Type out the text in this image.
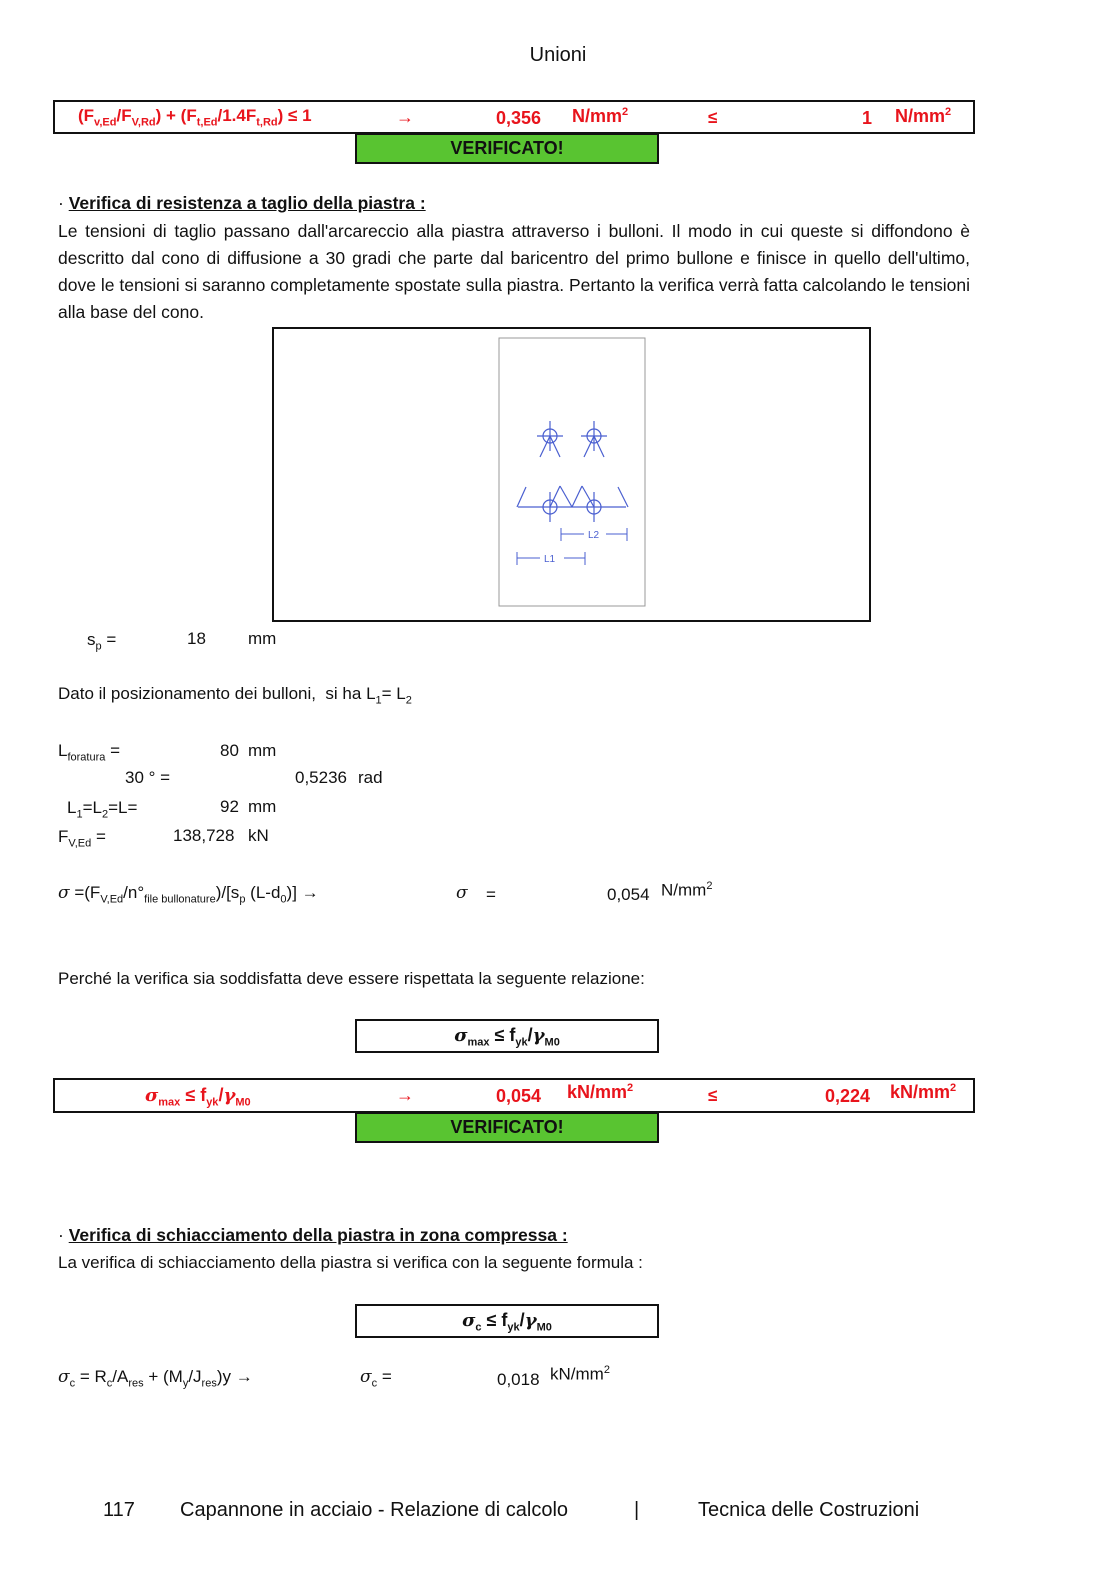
Unioni
$(F_{v,Ed}/F_{V,Rd}) + (F_{t,Ed}/1.4F_{t,Rd}) \le 1$	→	0,356 $N/mm^2$	≤	1 $N/mm^2$
VERIFICATO!
· Verifica di resistenza a taglio della piastra :
Le tensioni di taglio passano dall'arcareccio alla piastra attraverso i bulloni. Il modo in cui queste si diffondono è descritto dal cono di diffusione a 30 gradi che parte dal baricentro del primo bullone e finisce in quello dell'ultimo, dove le tensioni si saranno completamente spostate sulla piastra. Pertanto la verifica verrà fatta calcolando le tensioni alla base del cono.
L2
L1
$s_p$ =	18 mm
Dato il posizionamento dei bulloni,  si ha $L_1= L_2$
$L_{foratura}$ =	80 mm
30 ° =	0,5236 rad
$L_1=L_2=L=$	92 mm
$F_{V,Ed}$ =	138,728 kN
$\sigma =(F_{V,Ed}/n^\circ_{file bullonature})/[s_p$ $(L-d_0)$] →	σ =	0,054 $N/mm^2$
Perché la verifica sia soddisfatta deve essere rispettata la seguente relazione:
$\sigma_{max} \le f_{yk}/\gamma_{M0}$
$\sigma_{max} \le f_{yk}/\gamma_{M0}$	→	0,054 $kN/mm^2$	≤	0,224 $kN/mm^2$
VERIFICATO!
· Verifica di schiacciamento della piastra in zona compressa :
La verifica di schiacciamento della piastra si verifica con la seguente formula :
$\sigma_c \le f_{yk}/\gamma_{M0}$
$\sigma_c = R_c/A_{res} + (M_y/J_{res})y$ →	$\sigma_c$ =	0,018 $kN/mm^2$
117 Capannone in acciaio - Relazione di calcolo	|	Tecnica delle Costruzioni
